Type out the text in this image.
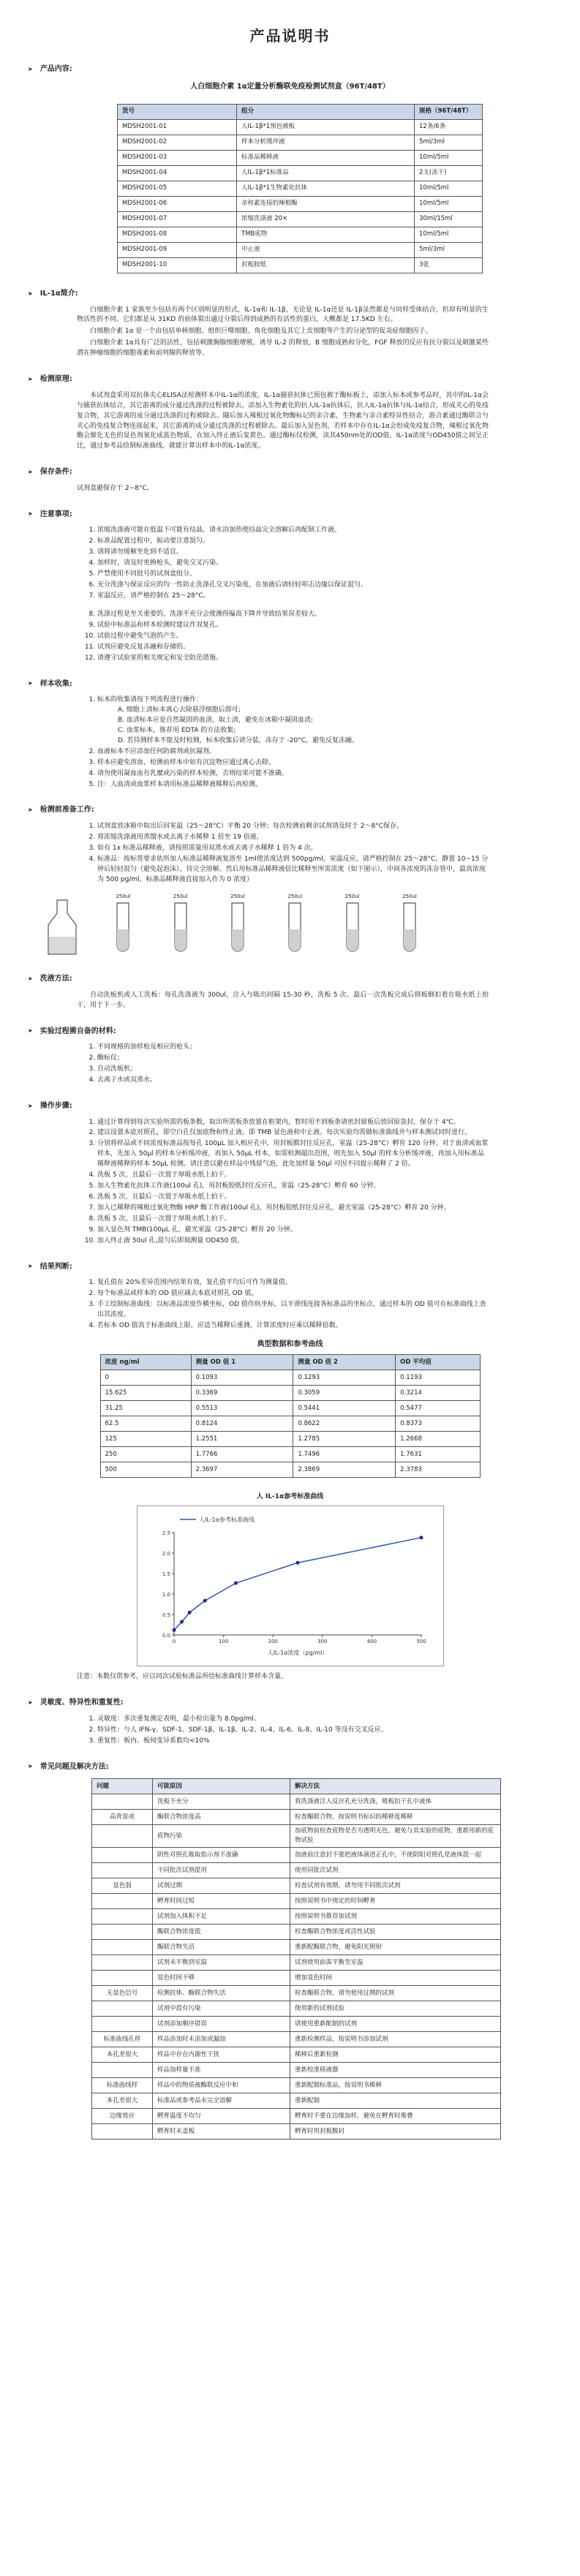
产品说明书
➤ 产品内容:
人白细胞介素 1α定量分析酶联免疫检测试剂盒（96T/48T）
货号	组分	规格（96T/48T）
MDSH2001-01	人IL-1β*1预包被板	12条/6条
MDSH2001-02	样本分析缓冲液	5ml/3ml
MDSH2001-03	标准品稀释液	10ml/5ml
MDSH2001-04	人IL-1β*1标准品	2支(冻干)
MDSH2001-05	人IL-1β*1生物素化抗体	10ml/5ml
MDSH2001-06	亲和素连接的辣根酶	10ml/5ml
MDSH2001-07	浓缩洗涤液 20×	30ml/15ml
MDSH2001-08	TMB底物	10ml/5ml
MDSH2001-09	中止液	5ml/3ml
MDSH2001-10	封板胶纸	3张
➤ IL-1α简介:

白细胞介素 1 家族至少包括有两个区别明显的形式，IL-1α和 IL-1β，无论是 IL-1α还是 IL-1β虽然都是与同样受体结合，但却有明显的生物活性的不同。它们都是从 31KD 的前体裂出通过分裂后得到成熟的有活性的蛋白，大概都是 17.5KD 左右。

白细胞介素 1α 是一个由包括单核细胞、组织巨噬细胞、角化细胞及其它上皮细胞等产生的分泌型的促炎症细胞因子。

白细胞介素 1α具有广泛的活性，包括刺激胸腺细胞增殖，诱导 IL-2 的释放，B 细胞成熟和分化，FGF 释放的反应有抗分裂以及刺激某些潜在肿瘤细胞的细胞毒素和前列腺的释放等。

➤ 检测原理:

本试剂盒采用双抗体夹心ELISA法检测样本中IL-1α的浓度。IL-1α捕获抗体已预包被于酶标板上，添加入标本或参考品时，其中的IL-1α会与捕获抗体结合，其它游离的成分通过洗涤的过程被除去。添加入生物素化的抗人IL-1α抗体后，抗人IL-1α抗体与IL-1α结合，形成夹心的免疫复合物，其它游离的成分通过洗涤的过程被除去。随后加入辣根过氧化物酶标记的亲合素，生物素与亲合素特异性结合，游合素通过酶联合与夹心的免疫复合物连接起来，其它游离的成分通过洗涤的过程被除去。最后加入显色剂，若样本中存在IL-1α会形成免疫复合物，辣根过氧化物酶会催化无色的显色剂氧化成蓝色物质，在加入终止液后变黄色。通过酶标仪检测，读其450nm处的OD值，IL-1α浓度与OD450值之间呈正比，通过参考品绘制标准曲线，就能计算出样本中的IL-1α浓度。

➤ 保存条件:

试剂盒避保存于 2~8°C。

➤ 注意事项:
1. 浓缩洗涤液可能在低温下可能有结晶，请水浴加热使结晶完全溶解后再配制工作液。
2. 标准品配置过程中，振动要注意混匀。
3. 请将请勿缓解至化到不适宜。
4. 加样时，请及时更换枪头，避免交叉污染。
5. 严禁使用不同批号的试剂盒组分。
6. 充分洗涤与保证反应的均一性防止洗涤孔交叉污染度，在加液后请轻轻叩击边缘以保证混匀。
7. 室温反应，请严格控制在 25～28°C。
8. 洗涤过程是至关重要的，洗涤不充分会使测得偏高下降并导致结果误差较大。
9. 试验中标准品和样本检测时建议作双复孔。
10. 试验过程中避免气泡的产生。
11. 试剂应避免反复冻融和存储的。
12. 请遵守试验室的相关规定和安全防范措施。
➤ 样本收集:
1. 标本的收集请按下列流程进行操作：
A. 细胞上清标本离心去除悬浮细胞后即可;
B. 血清标本应是自然凝固的血清，取上清，避免在冰箱中凝固血清;
C. 血浆标本，推荐用 EDTA 的方法收集;
D. 若待测样本不能及时检测，标本收集后请分装，冻存于 -20°C，避免反复冻融。
2. 血液标本不应添加任何防腐剂或抗凝剂。
3. 样本应避免溶血，检测前样本中如有沉淀物应通过离心去除。
4. 请勿使用凝血血有乳糜或污染的样本检测，否则结果可能不准确。
5. 注：人血清或血浆样本请用标准品稀释液稀释后再检测。
➤ 检测前准备工作:
1. 试剂盒放冰箱中取出后回室温（25～28°C）平衡 20 分钟；每次检测前剩余试剂请及时于 2～8°C保存。
2. 将浓缩洗涤液用蒸馏水或去离子水稀释 1 倍至 19 倍液。
3. 如有 1x 标准品稀释液，请按照需量用双蒸水或去离子水稀释 1 倍为 4 次。
4. 标准品：按标签要求依所加人标准品稀释液复溶至 1ml使浓度达到 500pg/ml，室温反应，请严格控制在 25～28°C，静置 10~15 分钟后轻轻混匀（避免起泡沫），待完全溶解。然后用标准品稀释液倍比稀释至所需浓度（如下图示），中间各浓度的冻存管中，最高浓度为 500 pg/ml，标准品稀释液直接加入作为 0 浓度）
250ul	250ul	250ul	250ul	250ul	250ul
➤ 洗液方法:

自动洗板机或人工洗板：每孔洗涤液为 300ul，注入与吸出间隔 15-30 秒，洗板 5 次。最后一次洗板完成后将板倒扣着在吸水纸上拍干，用于下一步。

➤ 实验过程需自备的材料:
1. 不同规格的加样枪及相应的枪头；
2. 酶标仪；
3. 自动洗板机；
4. 去离子水或双蒸水。
➤ 操作步骤:
1. 通过计算得到每次实验所需的板条数，取出所需板条放置在框架内，暂时用不到板条请密封留板后放回原袋封，保存于 4℃。
2. 建议设置本底对照孔，即空白孔仅加底物和终止液。即 TMB 显色液和中止液。每次实验均需做标准曲线并与样本测试同时进行。
3. 分别将样品或不同浓度标准品按每孔 100μL 加入相应孔中，用封板膜封住反应孔，室温（25-28°C）孵育 120 分钟。对于血清或血浆样本，先加入 50μl 的样本分析缓冲液，再加入 50μL 样本。如需检测超出范围，则先加入 50μl 的样本分析缓冲液，再加入用标准品稀释液稀释的样本 50μL 检测。请注意以避在样品中残留气泡，此处加样量 50μl 可因不同提示稀释了 2 倍。
4. 洗板 5 次，且最后一次置于厚吸水纸上拍干。
5. 加入生物素化抗体工作液(100ul 孔)，用封板胶纸封住反应孔，室温（25-28°C）孵育 60 分钟。
6. 洗板 5 次，且最后一次置于厚吸水纸上拍干。
7. 加入已稀释的辣根过氧化物酶 HRP 酶工作液(100ul 孔)，用封板胶纸封住反应孔，避光室温（25-28°C）孵育 20 分钟。
8. 洗板 5 次，且最后一次置于厚吸水纸上拍干。
9. 加入显色剂 TMB(100μL 孔，避光室温（25-28°C）孵育 20 分钟。
10. 加入终止液 50ul 孔,混匀后即刻测量 OD450 值。
➤ 结果判断:
1. 复孔值在 20%差异范围内结果有效，复孔值平均后可作为测量值。
2. 每个标准品或样本的 OD 值应减去本底对照孔 OD 值。
3. 手工绘制标准曲线：以标准品浓度作横坐标，OD 值作纵坐标，以平滑线连接各标准品的坐标点，通过样本的 OD 值可在标准曲线上查出其浓度。
4. 若标本 OD 值高于标准曲线上限，应适当稀释后重测，计算浓度时应乘以稀释倍数。
典型数据和参考曲线
浓度 ng/ml	测量 OD 值 1	测量 OD 值 2	OD 平均值
0	0.1093	0.1293	0.1193
15.625	0.3369	0.3059	0.3214
31.25	0.5513	0.5441	0.5477
62.5	0.8124	0.8622	0.8373
125	1.2551	1.2785	1.2668
250	1.7766	1.7496	1.7631
500	2.3697	2.3869	2.3783
人 IL-1α参考标准曲线
人IL-1α参考标准曲线
0.0
0.5
1.0
1.5
2.0
2.5
0	100	200	300	400	500
人IL-1α浓度（pg/ml）

注意：本数仅供参考，应以同次试验标准品所绘标准曲线计算样本含量。

➤ 灵敏度、特异性和重复性:
1. 灵敏度：多次重复测定表明，最小检出量为 8.0pg/ml。
2. 特异性：与人 IFN-γ、SDF-1、SDF-1β、IL-1β、IL-2、IL-4、IL-6、IL-8、IL-10 等没有交叉反应。
3. 重复性：板内、板间变异系数均<10%
➤ 常见问题及解决方法:
问题	可能原因	解决方法
	洗板不充分	将洗涤液注入反应孔充分洗涤，吸板拍干孔中液体
高背景或	酶联合物浓度高	检查酶联合物，按说明书标识的稀释度稀释
	底物污染	加底物前检查底物是否为透明无色，避免与其实验的底物，重新用新的底物试验
	阴性对照孔吸取指示剂不准确	加液前注意封不要把液体滴进正孔中，不使阴阳对照孔是液体混一起
	不同批次试剂混用	使用同批次试剂
显色弱	试剂过期	检查试剂有效期，请勿用不同批次试剂
	孵育时间过短	按照说明书中规定的时间孵育
	试剂加入体积不足	按照说明书推荐加试剂
	酶联合物浓度低	检查酶联合物浓度或活性试验
	酶联合物失活	重新配酶联合物，避免阳光照射
	试剂未平衡到室温	试剂使用前需平衡至室温
	显色时间不够	增加显色时间
无显色信号	检测抗体、酶联合物失活	检查酶联合物，请勿使用过期的试剂
	试剂中混有污染	使用新的试剂试验
	试剂添加顺序错误	请使用重新配制的试剂
标准曲线孔样	样品添加时未添加或漏加	重新检测样品，按说明书添加试剂
本孔差很大	样品中存在内源性干扰	稀释后重新检测
	样品加样量不准	重新校准移液器
标准曲线样	样品中的物质被酶联反应中和	重新配制标准品，按说明书稀释
本孔差很大	标准品或参考品未完全溶解	重新配制
边缘效应	孵育温度不均匀	孵育时不要在边缘加样，避免在孵育时堆叠
	孵育时未盖板	孵育时用封板膜封
